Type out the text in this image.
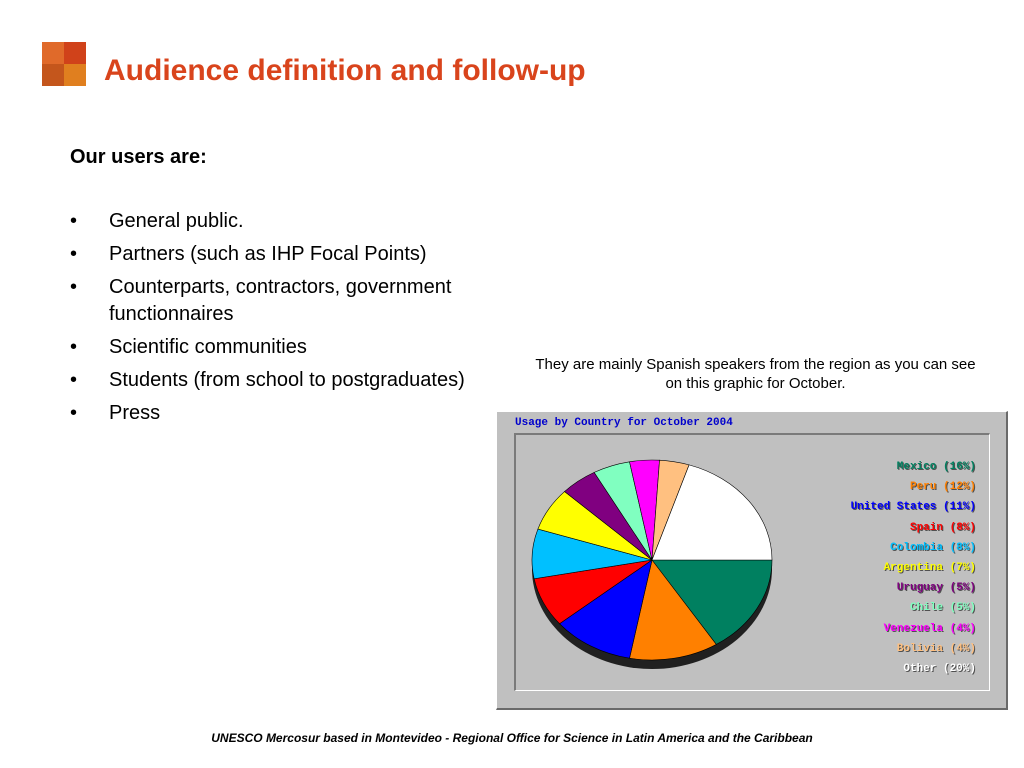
Audience definition and follow-up
Our users are:
• General public.
• Partners (such as IHP Focal Points)
• Counterparts, contractors, government functionnaires
• Scientific communities
• Students (from school to postgraduates)
• Press
They are mainly Spanish speakers from the region as you can see on this graphic for October.
Usage by Country for October 2004
Mexico (16%)
Peru (12%)
United States (11%)
Spain (8%)
Colombia (8%)
Argentina (7%)
Uruguay (5%)
Chile (5%)
Venezuela (4%)
Bolivia (4%)
Other (20%)
UNESCO Mercosur based in Montevideo - Regional Office for Science in Latin America and the Caribbean
